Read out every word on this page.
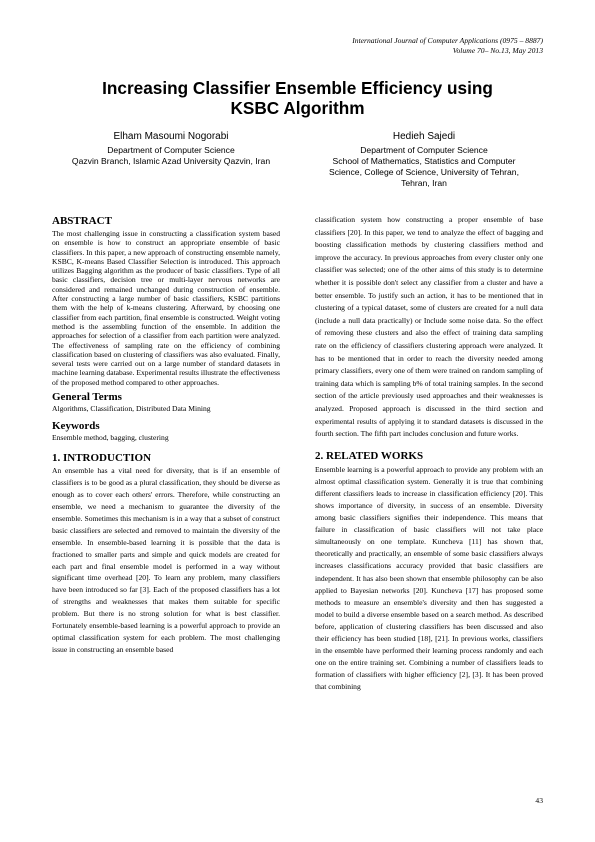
International Journal of Computer Applications (0975 – 8887)
Volume 70– No.13, May 2013
Increasing Classifier Ensemble Efficiency using
KSBC Algorithm
Elham Masoumi Nogorabi
Department of Computer Science
Qazvin Branch, Islamic Azad University Qazvin, Iran
Hedieh Sajedi
Department of Computer Science
School of Mathematics, Statistics and Computer
Science, College of Science, University of Tehran,
Tehran, Iran
ABSTRACT

The most challenging issue in constructing a classification system based on ensemble is how to construct an appropriate ensemble of basic classifiers. In this paper, a new approach of constructing ensemble namely, KSBC, K-means Based Classifier Selection is introduced. This approach utilizes Bagging algorithm as the producer of basic classifiers. Type of all basic classifiers, decision tree or multi-layer nervous networks are considered and remained unchanged during construction of ensemble. After constructing a large number of basic classifiers, KSBC partitions them with the help of k-means clustering. Afterward, by choosing one classifier from each partition, final ensemble is constructed. Weight voting method is the assembling function of the ensemble. In addition the approaches for selection of a classifier from each partition were analyzed. The effectiveness of sampling rate on the efficiency of combining classification based on clustering of classifiers was also evaluated. Finally, several tests were carried out on a large number of standard datasets in machine learning database. Experimental results illustrate the effectiveness of the proposed method compared to other approaches.

General Terms

Algorithms, Classification, Distributed Data Mining

Keywords

Ensemble method, bagging, clustering

1. INTRODUCTION

An ensemble has a vital need for diversity, that is if an ensemble of classifiers is to be good as a plural classification, they should be diverse as enough as to cover each others' errors. Therefore, while constructing an ensemble, we need a mechanism to guarantee the diversity of the ensemble. Sometimes this mechanism is in a way that a subset of construct basic classifiers are selected and removed to maintain the diversity of the ensemble. In ensemble-based learning it is possible that the data is fractioned to smaller parts and simple and quick models are created for each part and final ensemble model is performed in a way without significant time overhead [20]. To learn any problem, many classifiers have been introduced so far [3]. Each of the proposed classifiers has a lot of strengths and weaknesses that makes them suitable for specific problem. But there is no strong solution for what is best classifier. Fortunately ensemble-based learning is a powerful approach to provide an optimal classification system for each problem. The most challenging issue in constructing an ensemble based

classification system how constructing a proper ensemble of base classifiers [20]. In this paper, we tend to analyze the effect of bagging and boosting classification methods by clustering classifiers method and improve the accuracy. In previous approaches from every cluster only one classifier was selected; one of the other aims of this study is to determine whether it is possible don't select any classifier from a cluster and have a better ensemble. To justify such an action, it has to be mentioned that in clustering of a typical dataset, some of clusters are created for a null data (include a null data practically) or Include some noise data. So the effect of removing these clusters and also the effect of training data sampling rate on the efficiency of classifiers clustering approach were analyzed. It has to be mentioned that in order to reach the diversity needed among primary classifiers, every one of them were trained on random sampling of training data which is sampling b% of total training samples. In the second section of the article previously used approaches and their weaknesses is analyzed. Proposed approach is discussed in the third section and experimental results of applying it to standard datasets is discussed in the fourth section. The fifth part includes conclusion and future works.

2. RELATED WORKS

Ensemble learning is a powerful approach to provide any problem with an almost optimal classification system. Generally it is true that combining different classifiers leads to increase in classification efficiency [20]. This shows importance of diversity, in success of an ensemble. Diversity among basic classifiers signifies their independence. This means that failure in classification of basic classifiers will not take place simultaneously on one template. Kuncheva [11] has shown that, theoretically and practically, an ensemble of some basic classifiers always increases classifications accuracy provided that basic classifiers are independent. It has also been shown that ensemble philosophy can be also applied to Bayesian networks [20]. Kuncheva [17] has proposed some methods to measure an ensemble's diversity and then has suggested a model to build a diverse ensemble based on a search method. As described before, application of clustering classifiers has been discussed and also their efficiency has been studied [18], [21]. In previous works, classifiers in the ensemble have performed their learning process randomly and each one on the entire training set. Combining a number of classifiers leads to formation of classifiers with higher efficiency [2], [3]. It has been proved that combining

43
